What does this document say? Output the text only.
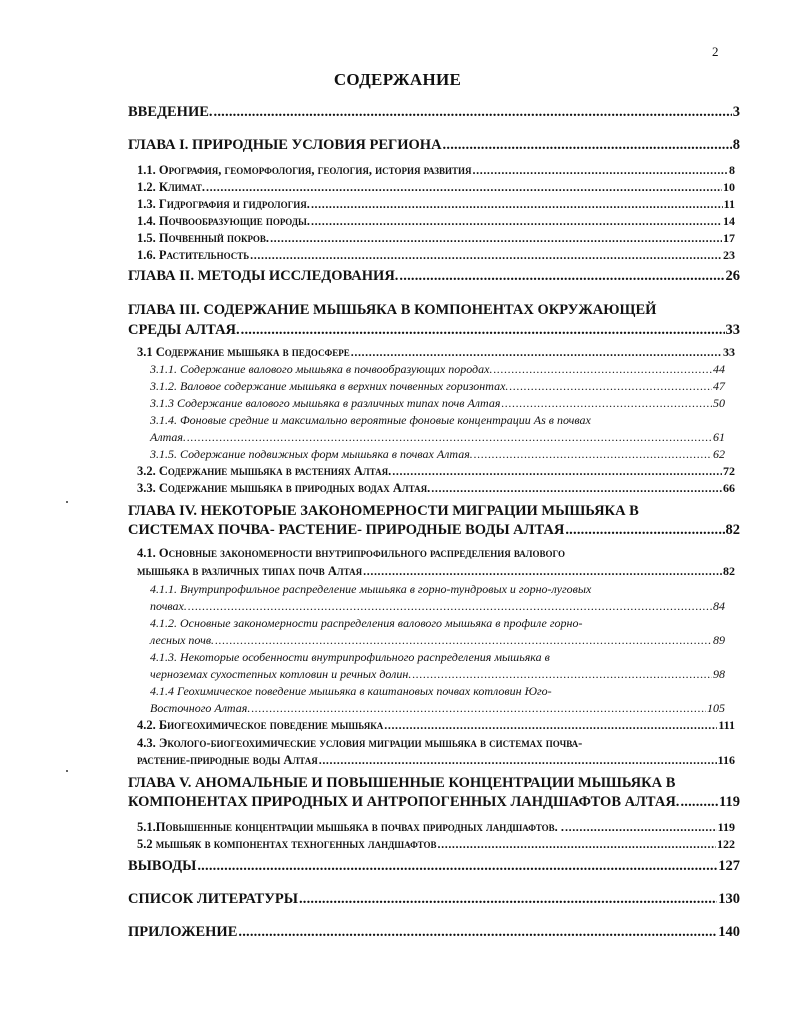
2
СОДЕРЖАНИЕ
ВВЕДЕНИЕ. .....	3
ГЛАВА I. ПРИРОДНЫЕ УСЛОВИЯ РЕГИОНА .....	8
1.1. Орография, геоморфология, геология, история развития .....	8
1.2. Климат. .....	10
1.3. Гидрография и гидрология. .....	11
1.4. Почвообразующие породы. .....	14
1.5. Почвенный покров. .....	17
1.6. Растительность .....	23
ГЛАВА II. МЕТОДЫ ИССЛЕДОВАНИЯ. .....	26
ГЛАВА III. СОДЕРЖАНИЕ МЫШЬЯКА В КОМПОНЕНТАХ ОКРУЖАЮЩЕЙ
СРЕДЫ АЛТАЯ. .....	33
3.1 Содержание мышьяка в педосфере .....	33
3.1.1. Содержание валового мышьяка в почвообразующих породах. .....	44
3.1.2. Валовое содержание мышьяка в верхних почвенных горизонтах. .....	47
3.1.3 Содержание валового мышьяка в различных типах почв Алтая .....	50
3.1.4. Фоновые средние и максимально вероятные фоновые концентрации As в почвах
Алтая. .....	61
3.1.5. Содержание подвижных форм мышьяка в почвах Алтая. .....	62
3.2. Содержание мышьяка в растениях Алтая. .....	72
3.3. Содержание мышьяка в природных водах Алтая. .....	66
ГЛАВА IV. НЕКОТОРЫЕ ЗАКОНОМЕРНОСТИ МИГРАЦИИ МЫШЬЯКА В
СИСТЕМАХ ПОЧВА- РАСТЕНИЕ- ПРИРОДНЫЕ ВОДЫ АЛТАЯ .....	82
4.1. Основные закономерности внутрипрофильного распределения валового
мышьяка в различных типах почв Алтая .....	82
4.1.1. Внутрипрофильное распределение мышьяка в горно-тундровых и горно-луговых
почвах. .....	84
4.1.2. Основные закономерности распределения валового мышьяка в профиле горно-
лесных почв. .....	89
4.1.3. Некоторые особенности внутрипрофильного распределения мышьяка в
черноземах сухостепных котловин и речных долин. .....	98
4.1.4 Геохимическое поведение мышьяка в каштановых почвах котловин Юго-
Восточного Алтая. .....	105
4.2. Биогеохимическое поведение мышьяка .....	111
4.3. Эколого-биогеохимические условия миграции мышьяка в системах почва-
растение-природные воды Алтая .....	116
ГЛАВА V. АНОМАЛЬНЫЕ И ПОВЫШЕННЫЕ КОНЦЕНТРАЦИИ МЫШЬЯКА В
КОМПОНЕНТАХ ПРИРОДНЫХ И АНТРОПОГЕННЫХ ЛАНДШАФТОВ АЛТАЯ. .....	119
5.1.Повышенные концентрации мышьяка в почвах природных ландшафтов. . .....	119
5.2 мышьяк в компонентах техногенных ландшафтов .....	122
ВЫВОДЫ .....	127
СПИСОК ЛИТЕРАТУРЫ .....	130
ПРИЛОЖЕНИЕ .....	140
